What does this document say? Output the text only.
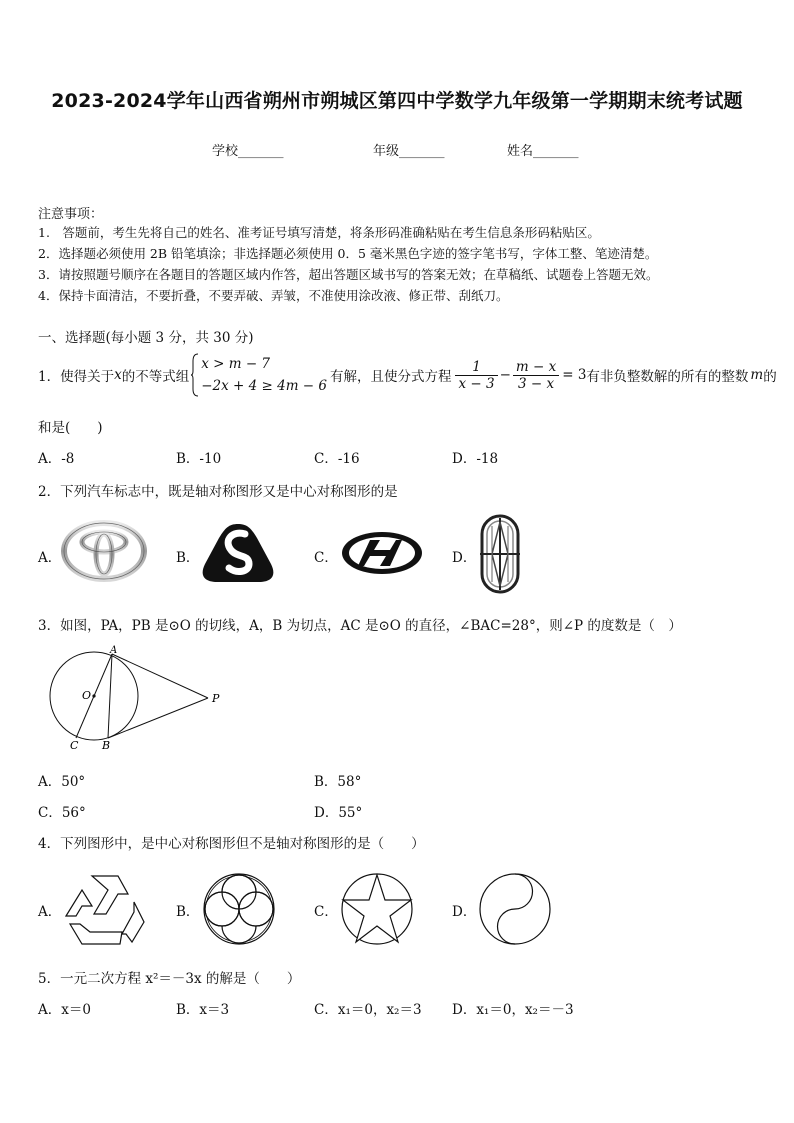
2023-2024学年山西省朔州市朔城区第四中学数学九年级第一学期期末统考试题
学校_______	年级_______	姓名_______
注意事项：
1.　答题前，考生先将自己的姓名、准考证号填写清楚，将条形码准确粘贴在考生信息条形码粘贴区。
2．选择题必须使用 2B 铅笔填涂；非选择题必须使用 0．5 毫米黑色字迹的签字笔书写，字体工整、笔迹清楚。
3．请按照题号顺序在各题目的答题区域内作答，超出答题区域书写的答案无效；在草稿纸、试题卷上答题无效。
4．保持卡面清洁，不要折叠，不要弄破、弄皱，不准使用涂改液、修正带、刮纸刀。
一、选择题(每小题 3 分，共 30 分)
1．使得关于 x 的不等式组
x > m − 7
−2x + 4 ≥ 4m − 6
有解，且使分式方程 $\frac{1}{x - 3} - \frac{m - x}{3 - x} = 3$ 有非负整数解的所有的整数 m 的
和是(　　)
A．-8	B．-10	C．-16	D．-18
2．下列汽车标志中，既是轴对称图形又是中心对称图形的是
A．	B．	C．	D．
3．如图，PA，PB 是⊙O 的切线，A，B 为切点，AC 是⊙O 的直径，∠BAC=28°，则∠P 的度数是（　）
A
O	P
C B
A．50°	B．58°
C．56°	D．55°
4．下列图形中，是中心对称图形但不是轴对称图形的是（　　）
A．	B．	C．	D．
5．一元二次方程 x²＝－3x 的解是（　　）
A．x＝0	B．x＝3	C．x₁＝0，x₂＝3 D．x₁＝0，x₂＝－3
